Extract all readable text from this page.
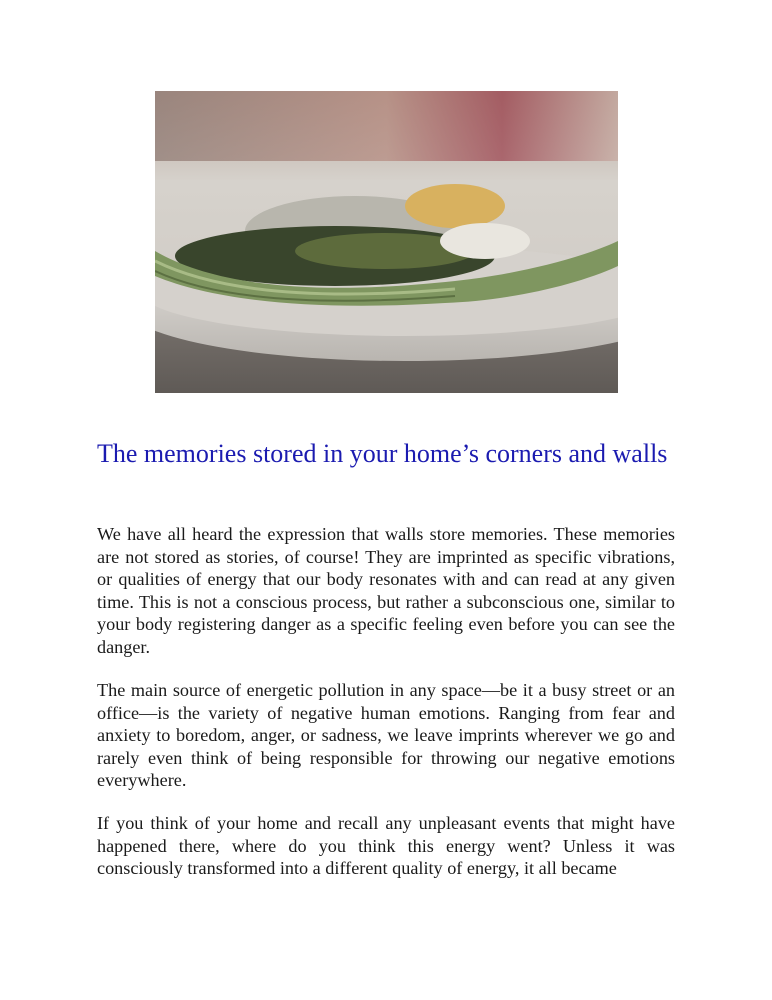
The memories stored in your home’s corners and walls

We have all heard the expression that walls store memories. These memories are not stored as stories, of course! They are imprinted as specific vibrations, or qualities of energy that our body resonates with and can read at any given time. This is not a conscious process, but rather a subconscious one, similar to your body registering danger as a specific feeling even before you can see the danger.

The main source of energetic pollution in any space—be it a busy street or an office—is the variety of negative human emotions. Ranging from fear and anxiety to boredom, anger, or sadness, we leave imprints wherever we go and rarely even think of being responsible for throwing our negative emotions everywhere.

If you think of your home and recall any unpleasant events that might have happened there, where do you think this energy went? Unless it was consciously transformed into a different quality of energy, it all became
